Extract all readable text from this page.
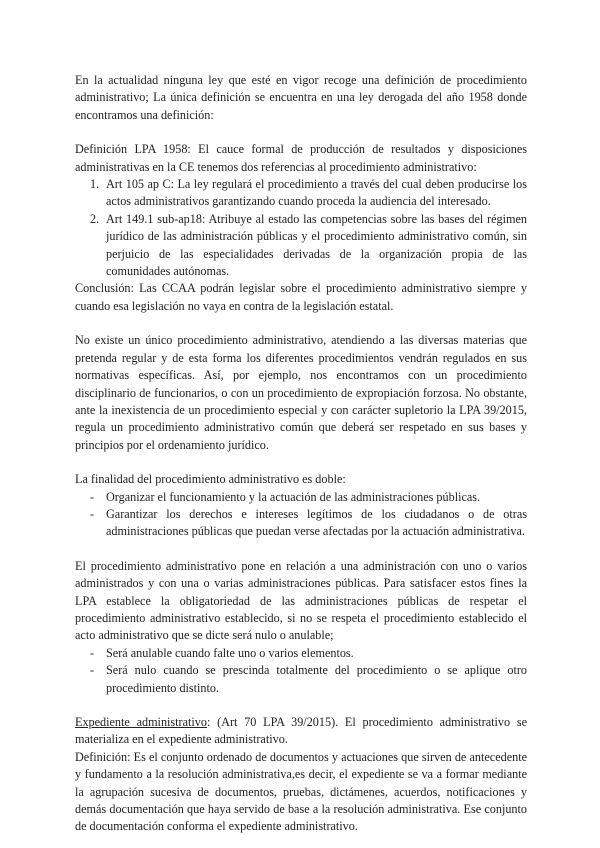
En la actualidad ninguna ley que esté en vigor recoge una definición de procedimiento administrativo; La única definición se encuentra en una ley derogada del año 1958 donde encontramos una definición:

Definición LPA 1958: El cauce formal de producción de resultados y disposiciones administrativas en la CE tenemos dos referencias al procedimiento administrativo:

1. Art 105 ap C: La ley regulará el procedimiento a través del cual deben producirse los actos administrativos garantizando cuando proceda la audiencia del interesado.
2. Art 149.1 sub-ap18: Atribuye al estado las competencias sobre las bases del régimen jurídico de las administración públicas y el procedimiento administrativo común, sin perjuicio de las especialidades derivadas de la organización propia de las comunidades autónomas.

Conclusión: Las CCAA podrán legislar sobre el procedimiento administrativo siempre y cuando esa legislación no vaya en contra de la legislación estatal.

No existe un único procedimiento administrativo, atendiendo a las diversas materias que pretenda regular y de esta forma los diferentes procedimientos vendrán regulados en sus normativas específicas. Así, por ejemplo, nos encontramos con un procedimiento disciplinario de funcionarios, o con un procedimiento de expropiación forzosa. No obstante, ante la inexistencia de un procedimiento especial y con carácter supletorio la LPA 39/2015, regula un procedimiento administrativo común que deberá ser respetado en sus bases y principios por el ordenamiento jurídico.

La finalidad del procedimiento administrativo es doble:

- Organizar el funcionamiento y la actuación de las administraciones públicas.
- Garantizar los derechos e intereses legítimos de los ciudadanos o de otras administraciones públicas que puedan verse afectadas por la actuación administrativa.

El procedimiento administrativo pone en relación a una administración con uno o varios administrados y con una o varias administraciones públicas. Para satisfacer estos fines la LPA establece la obligatoriedad de las administraciones públicas de respetar el procedimiento administrativo establecido, si no se respeta el procedimiento establecido el acto administrativo que se dicte será nulo o anulable;

- Será anulable cuando falte uno o varios elementos.
- Será nulo cuando se prescinda totalmente del procedimiento o se aplique otro procedimiento distinto.

Expediente administrativo: (Art 70 LPA 39/2015). El procedimiento administrativo se materializa en el expediente administrativo.

Definición: Es el conjunto ordenado de documentos y actuaciones que sirven de antecedente y fundamento a la resolución administrativa,es decir, el expediente se va a formar mediante la agrupación sucesiva de documentos, pruebas, dictámenes, acuerdos, notificaciones y demás documentación que haya servido de base a la resolución administrativa. Ese conjunto de documentación conforma el expediente administrativo.
